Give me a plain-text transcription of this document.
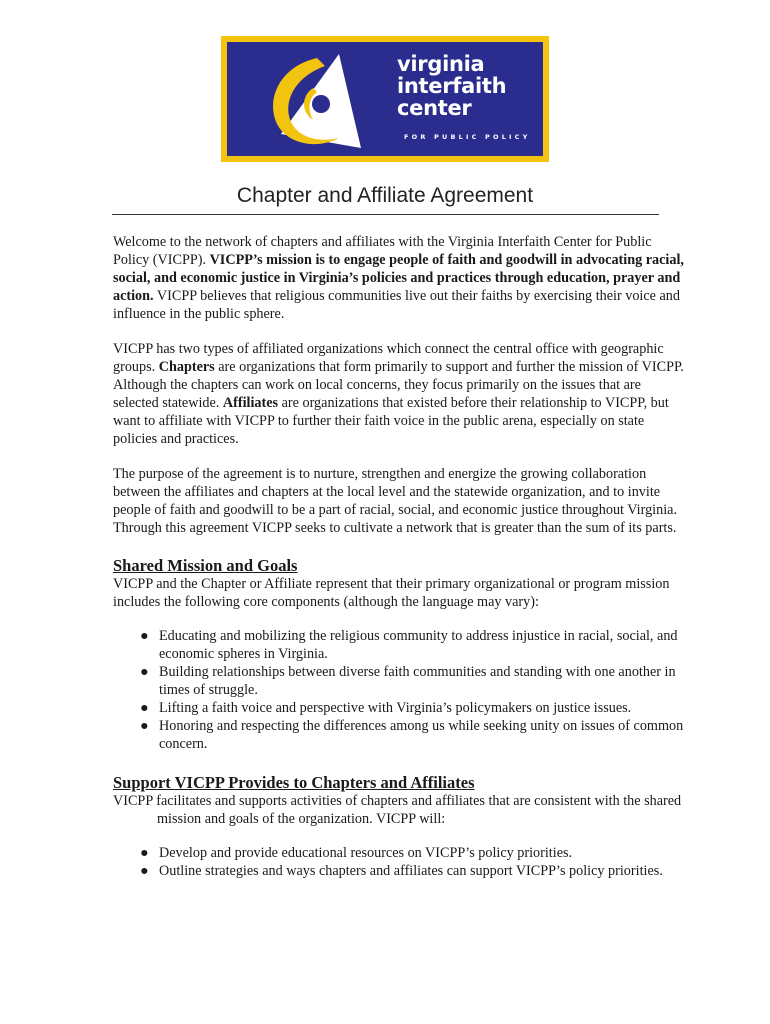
virginia
interfaith
center
FOR PUBLIC POLICY
Chapter and Affiliate Agreement

Welcome to the network of chapters and affiliates with the Virginia Interfaith Center for Public Policy (VICPP). VICPP’s mission is to engage people of faith and goodwill in advocating racial, social, and economic justice in Virginia’s policies and practices through education, prayer and action. VICPP believes that religious communities live out their faiths by exercising their voice and influence in the public sphere.

VICPP has two types of affiliated organizations which connect the central office with geographic groups. Chapters are organizations that form primarily to support and further the mission of VICPP. Although the chapters can work on local concerns, they focus primarily on the issues that are selected statewide. Affiliates are organizations that existed before their relationship to VICPP, but want to affiliate with VICPP to further their faith voice in the public arena, especially on state policies and practices.

The purpose of the agreement is to nurture, strengthen and energize the growing collaboration between the affiliates and chapters at the local level and the statewide organization, and to invite people of faith and goodwill to be a part of racial, social, and economic justice throughout Virginia. Through this agreement VICPP seeks to cultivate a network that is greater than the sum of its parts.

Shared Mission and Goals

VICPP and the Chapter or Affiliate represent that their primary organizational or program mission includes the following core components (although the language may vary):

● Educating and mobilizing the religious community to address injustice in racial, social, and economic spheres in Virginia.
● Building relationships between diverse faith communities and standing with one another in times of struggle.
● Lifting a faith voice and perspective with Virginia’s policymakers on justice issues.
● Honoring and respecting the differences among us while seeking unity on issues of common concern.
Support VICPP Provides to Chapters and Affiliates

VICPP facilitates and supports activities of chapters and affiliates that are consistent with the shared mission and goals of the organization. VICPP will:

● Develop and provide educational resources on VICPP’s policy priorities.
● Outline strategies and ways chapters and affiliates can support VICPP’s policy priorities.
